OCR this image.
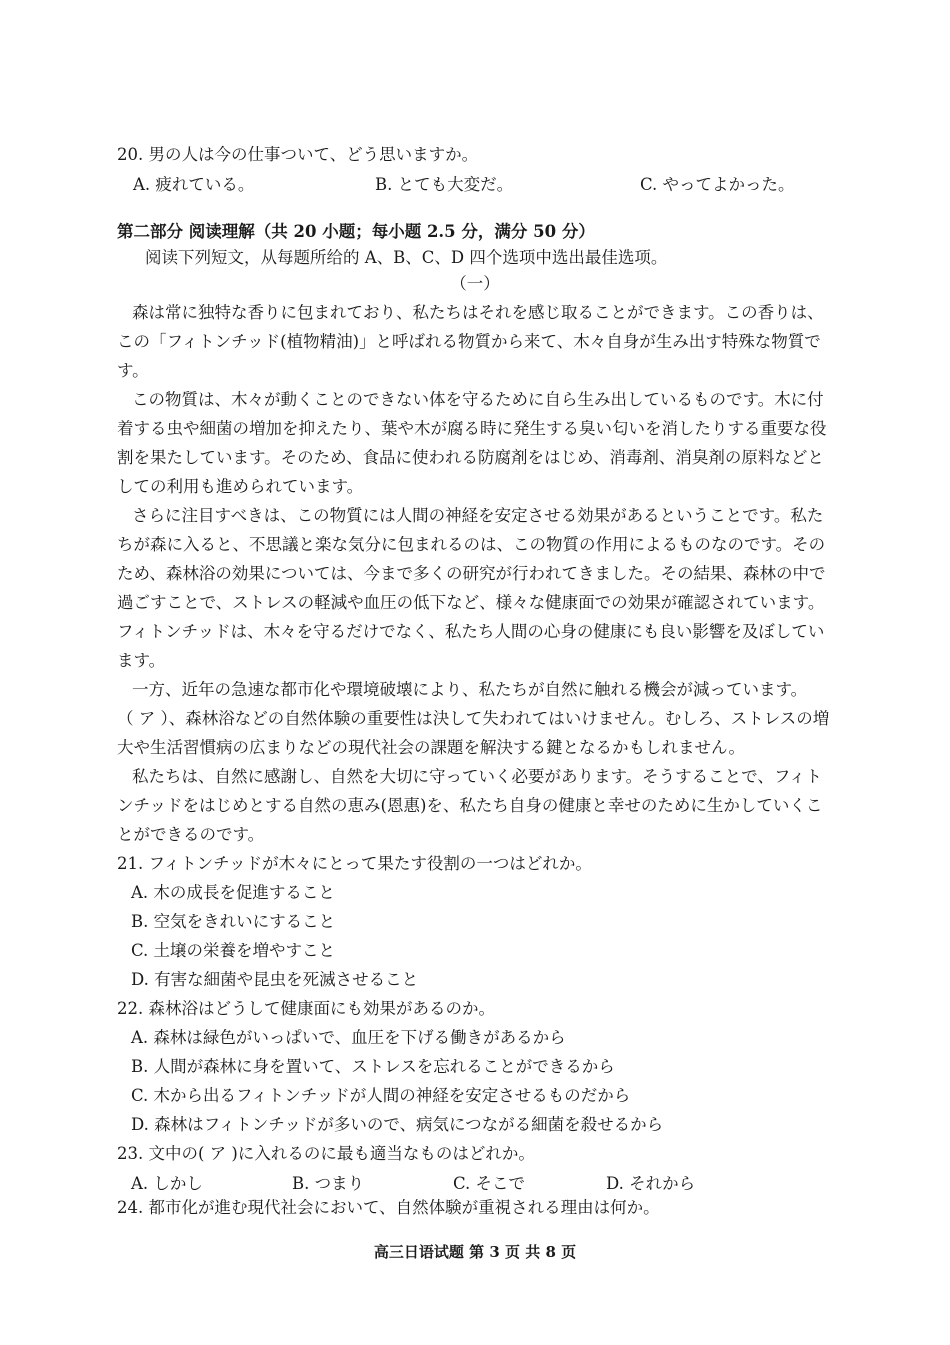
20. 男の人は今の仕事ついて、どう思いますか。
A. 疲れている。	B. とても大変だ。	C. やってよかった。
第二部分 阅读理解（共 20 小题；每小题 2.5 分，满分 50 分）
阅读下列短文，从每题所给的 A、B、C、D 四个选项中选出最佳选项。
（一）
森は常に独特な香りに包まれており、私たちはそれを感じ取ることができます。この香りは、
この「フィトンチッド(植物精油)」と呼ばれる物質から来て、木々自身が生み出す特殊な物質で
す。
この物質は、木々が動くことのできない体を守るために自ら生み出しているものです。木に付
着する虫や細菌の増加を抑えたり、葉や木が腐る時に発生する臭い匂いを消したりする重要な役
割を果たしています。そのため、食品に使われる防腐剤をはじめ、消毒剤、消臭剤の原料などと
しての利用も進められています。
さらに注目すべきは、この物質には人間の神経を安定させる効果があるということです。私た
ちが森に入ると、不思議と楽な気分に包まれるのは、この物質の作用によるものなのです。その
ため、森林浴の効果については、今まで多くの研究が行われてきました。その結果、森林の中で
過ごすことで、ストレスの軽減や血圧の低下など、様々な健康面での効果が確認されています。
フィトンチッドは、木々を守るだけでなく、私たち人間の心身の健康にも良い影響を及ぼしてい
ます。
一方、近年の急速な都市化や環境破壊により、私たちが自然に触れる機会が減っています。
（ ア ）、森林浴などの自然体験の重要性は決して失われてはいけません。むしろ、ストレスの増
大や生活習慣病の広まりなどの現代社会の課題を解決する鍵となるかもしれません。
私たちは、自然に感謝し、自然を大切に守っていく必要があります。そうすることで、フィト
ンチッドをはじめとする自然の恵み(恩惠)を、私たち自身の健康と幸せのために生かしていくこ
とができるのです。
21. フィトンチッドが木々にとって果たす役割の一つはどれか。
A. 木の成長を促進すること
B. 空気をきれいにすること
C. 土壌の栄養を増やすこと
D. 有害な細菌や昆虫を死滅させること
22. 森林浴はどうして健康面にも効果があるのか。
A. 森林は緑色がいっぱいで、血圧を下げる働きがあるから
B. 人間が森林に身を置いて、ストレスを忘れることができるから
C. 木から出るフィトンチッドが人間の神経を安定させるものだから
D. 森林はフィトンチッドが多いので、病気につながる細菌を殺せるから
23. 文中の( ア )に入れるのに最も適当なものはどれか。
A. しかし	B. つまり	C. そこで	D. それから
24. 都市化が進む現代社会において、自然体験が重視される理由は何か。
高三日语试题 第 3 页 共 8 页
